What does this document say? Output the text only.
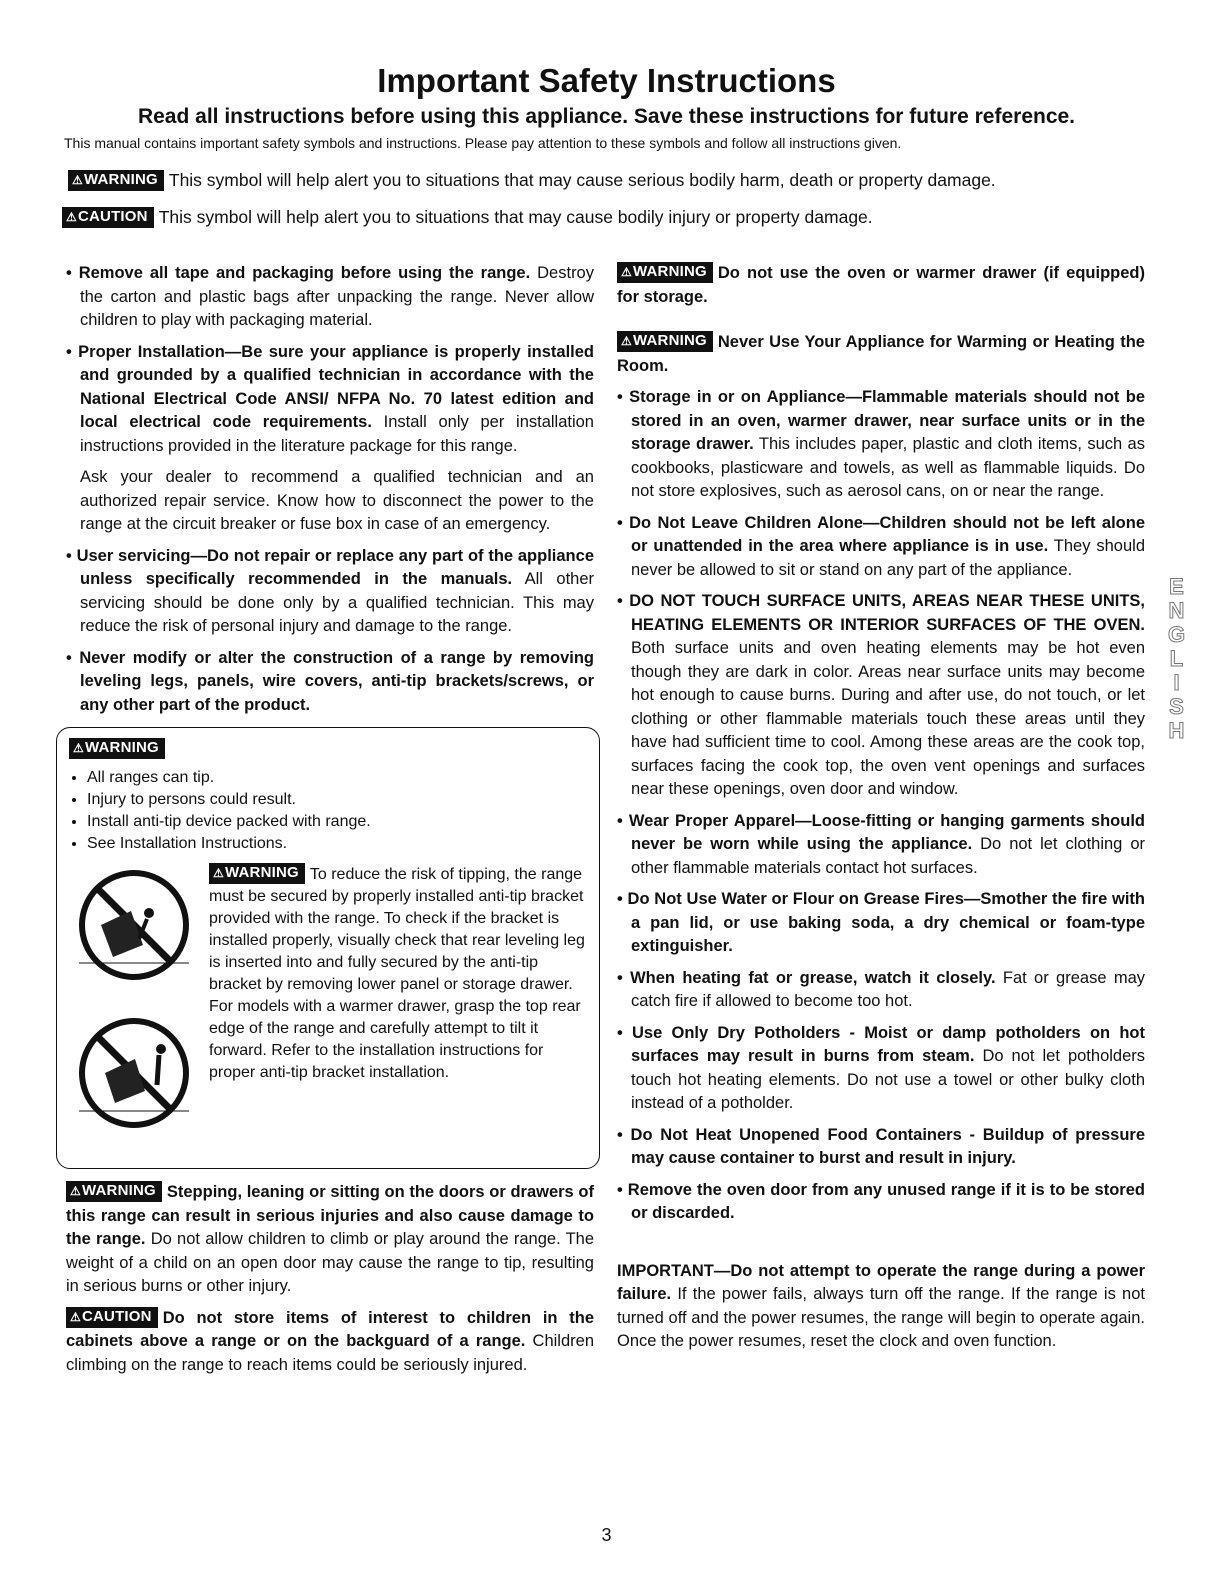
Important Safety Instructions
Read all instructions before using this appliance. Save these instructions for future reference.
This manual contains important safety symbols and instructions. Please pay attention to these symbols and follow all instructions given.
⚠WARNING This symbol will help alert you to situations that may cause serious bodily harm, death or property damage.
⚠CAUTION This symbol will help alert you to situations that may cause bodily injury or property damage.
• Remove all tape and packaging before using the range. Destroy the carton and plastic bags after unpacking the range. Never allow children to play with packaging material.
• Proper Installation—Be sure your appliance is properly installed and grounded by a qualified technician in accordance with the National Electrical Code ANSI/ NFPA No. 70 latest edition and local electrical code requirements. Install only per installation instructions provided in the literature package for this range.
Ask your dealer to recommend a qualified technician and an authorized repair service. Know how to disconnect the power to the range at the circuit breaker or fuse box in case of an emergency.
• User servicing—Do not repair or replace any part of the appliance unless specifically recommended in the manuals. All other servicing should be done only by a qualified technician. This may reduce the risk of personal injury and damage to the range.
• Never modify or alter the construction of a range by removing leveling legs, panels, wire covers, anti-tip brackets/screws, or any other part of the product.
⚠WARNING
• All ranges can tip.
• Injury to persons could result.
• Install anti-tip device packed with range.
• See Installation Instructions.
⚠WARNING To reduce the risk of tipping, the range must be secured by properly installed anti-tip bracket provided with the range. To check if the bracket is installed properly, visually check that rear leveling leg is inserted into and fully secured by the anti-tip bracket by removing lower panel or storage drawer. For models with a warmer drawer, grasp the top rear edge of the range and carefully attempt to tilt it forward. Refer to the installation instructions for proper anti-tip bracket installation.

⚠WARNING Stepping, leaning or sitting on the doors or drawers of this range can result in serious injuries and also cause damage to the range. Do not allow children to climb or play around the range. The weight of a child on an open door may cause the range to tip, resulting in serious burns or other injury.

⚠CAUTION Do not store items of interest to children in the cabinets above a range or on the backguard of a range. Children climbing on the range to reach items could be seriously injured.

⚠WARNING Do not use the oven or warmer drawer (if equipped) for storage.

⚠WARNING Never Use Your Appliance for Warming or Heating the Room.

• Storage in or on Appliance—Flammable materials should not be stored in an oven, warmer drawer, near surface units or in the storage drawer. This includes paper, plastic and cloth items, such as cookbooks, plasticware and towels, as well as flammable liquids. Do not store explosives, such as aerosol cans, on or near the range.
• Do Not Leave Children Alone—Children should not be left alone or unattended in the area where appliance is in use. They should never be allowed to sit or stand on any part of the appliance.
• DO NOT TOUCH SURFACE UNITS, AREAS NEAR THESE UNITS, HEATING ELEMENTS OR INTERIOR SURFACES OF THE OVEN. Both surface units and oven heating elements may be hot even though they are dark in color. Areas near surface units may become hot enough to cause burns. During and after use, do not touch, or let clothing or other flammable materials touch these areas until they have had sufficient time to cool. Among these areas are the cook top, surfaces facing the cook top, the oven vent openings and surfaces near these openings, oven door and window.
• Wear Proper Apparel—Loose-fitting or hanging garments should never be worn while using the appliance. Do not let clothing or other flammable materials contact hot surfaces.
• Do Not Use Water or Flour on Grease Fires—Smother the fire with a pan lid, or use baking soda, a dry chemical or foam-type extinguisher.
• When heating fat or grease, watch it closely. Fat or grease may catch fire if allowed to become too hot.
• Use Only Dry Potholders - Moist or damp potholders on hot surfaces may result in burns from steam. Do not let potholders touch hot heating elements. Do not use a towel or other bulky cloth instead of a potholder.
• Do Not Heat Unopened Food Containers - Buildup of pressure may cause container to burst and result in injury.
• Remove the oven door from any unused range if it is to be stored or discarded.

IMPORTANT—Do not attempt to operate the range during a power failure. If the power fails, always turn off the range. If the range is not turned off and the power resumes, the range will begin to operate again. Once the power resumes, reset the clock and oven function.

ENGLISH
3
